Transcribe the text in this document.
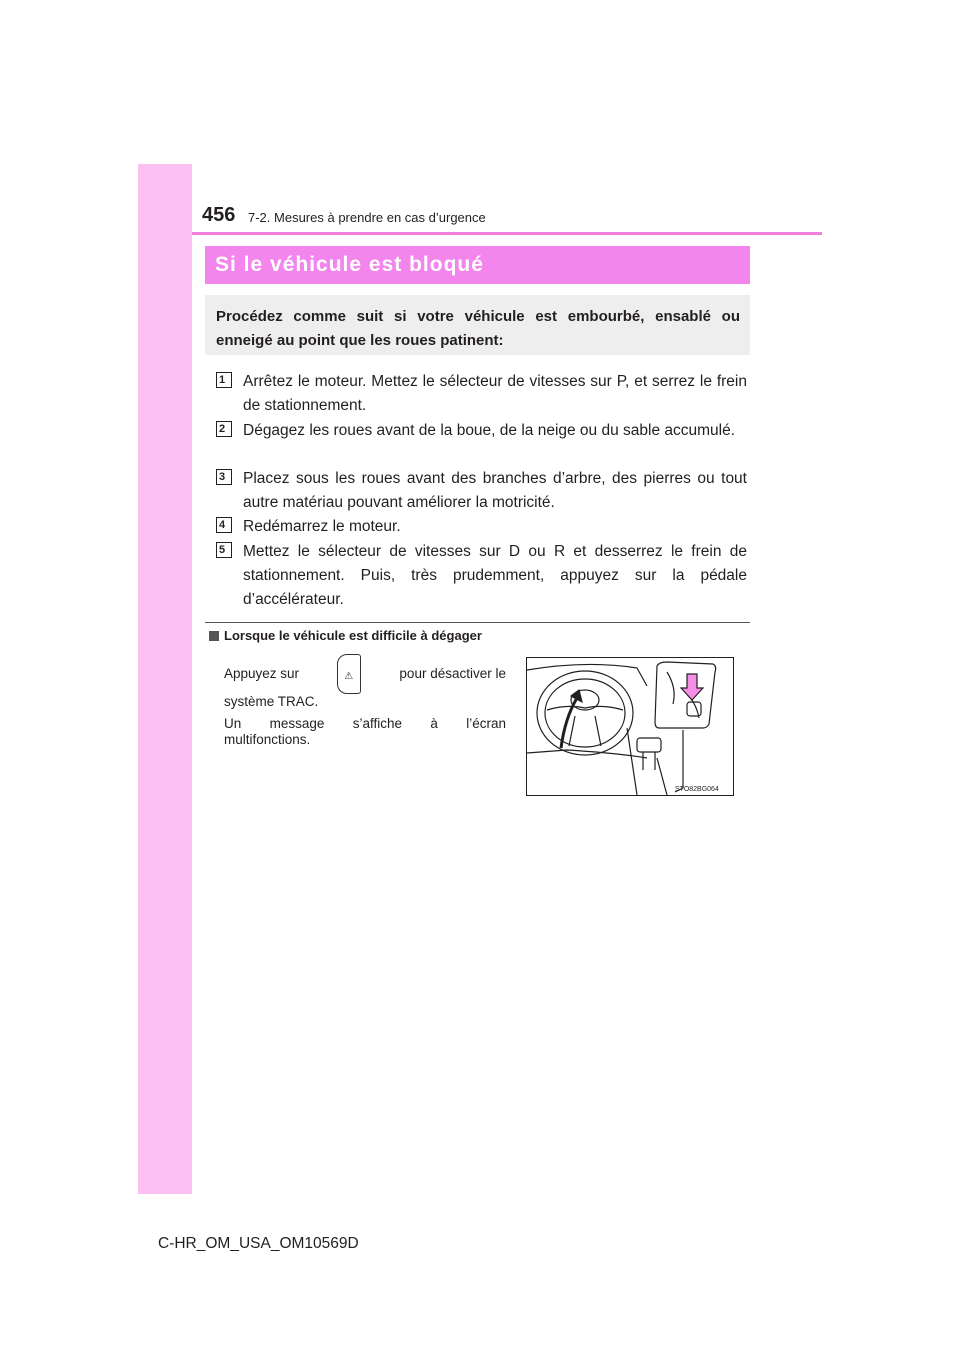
456 7-2. Mesures à prendre en cas d’urgence
Si le véhicule est bloqué
Procédez comme suit si votre véhicule est embourbé, ensablé ou enneigé au point que les roues patinent:
1	Arrêtez le moteur. Mettez le sélecteur de vitesses sur P, et serrez le frein de stationnement.
2	Dégagez les roues avant de la boue, de la neige ou du sable accumulé.
3	Placez sous les roues avant des branches d’arbre, des pierres ou tout autre matériau pouvant améliorer la motricité.
4	Redémarrez le moteur.
5	Mettez le sélecteur de vitesses sur D ou R et desserrez le frein de stationnement. Puis, très prudemment, appuyez sur la pédale d’accélérateur.
Lorsque le véhicule est difficile à dégager
Appuyez sur	⚠	pour désactiver le
système TRAC.
Un message s’affiche à l’écran
multifonctions.
STO82BG064
C-HR_OM_USA_OM10569D
